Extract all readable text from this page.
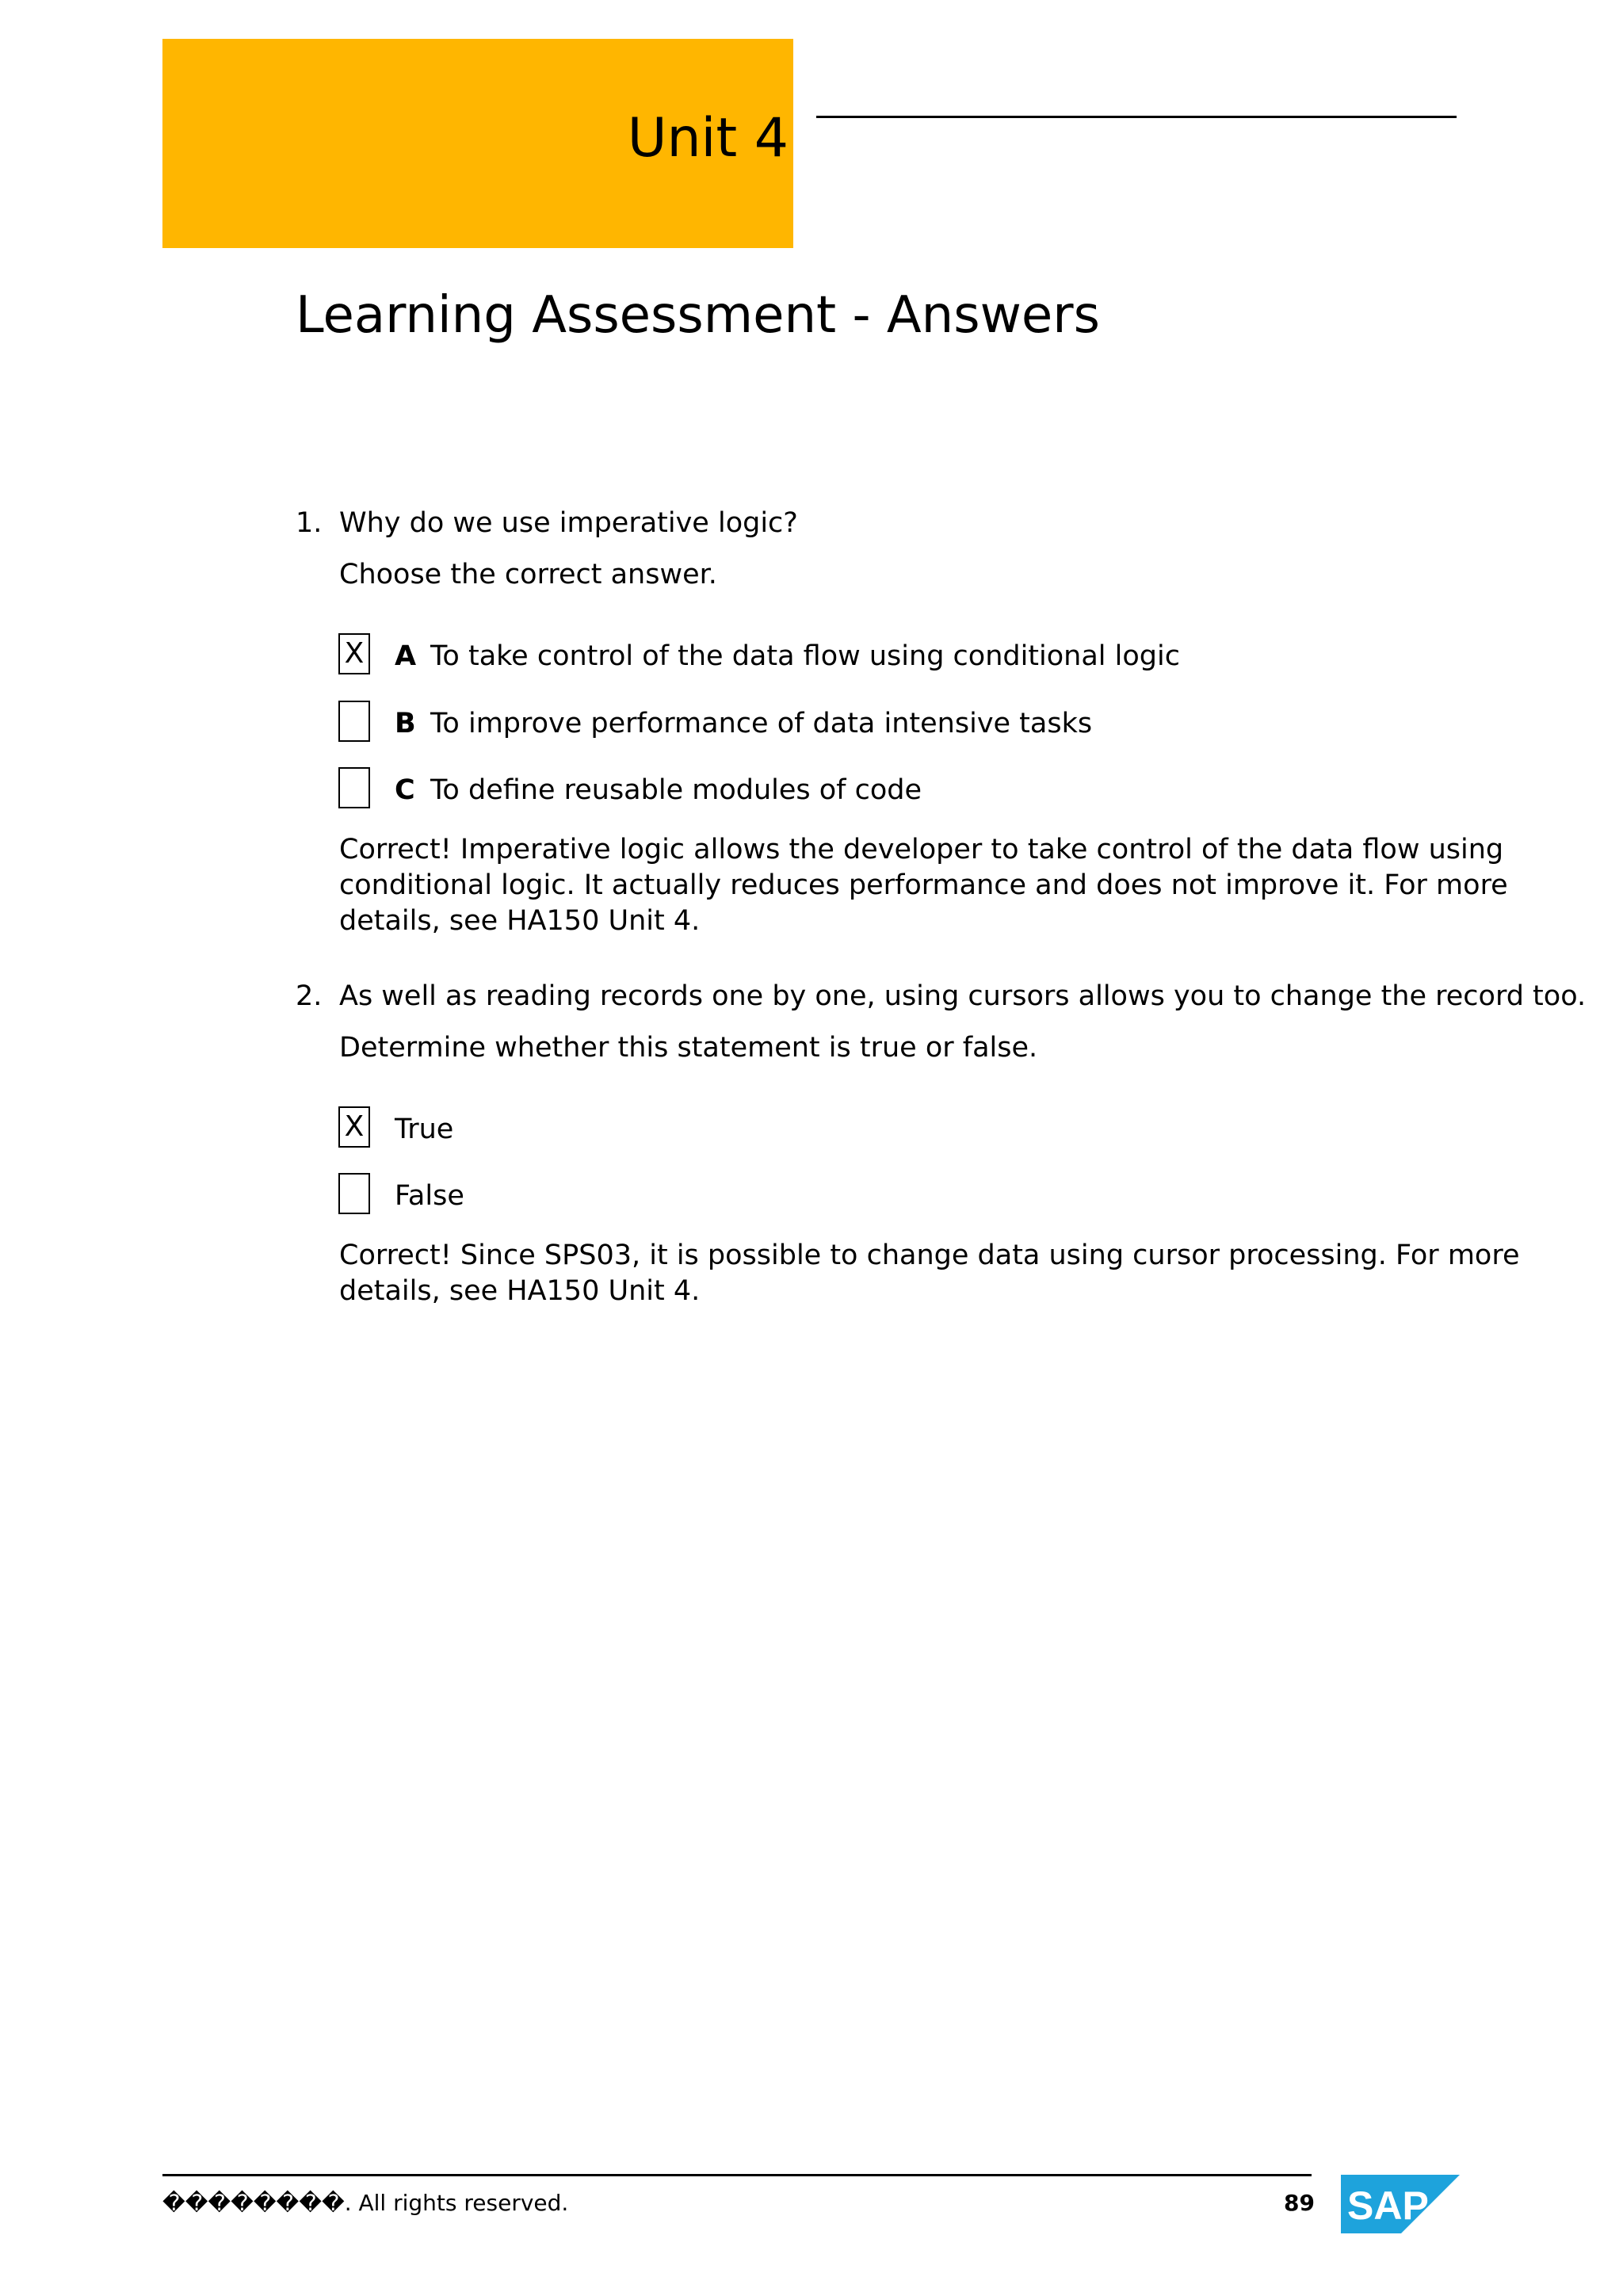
Unit 4
Learning Assessment - Answers
1. Why do we use imperative logic?
Choose the correct answer.
X A To take control of the data flow using conditional logic
B To improve performance of data intensive tasks
C To define reusable modules of code
Correct! Imperative logic allows the developer to take control of the data flow using
conditional logic. It actually reduces performance and does not improve it. For more
details, see HA150 Unit 4.
2. As well as reading records one by one, using cursors allows you to change the record too.
Determine whether this statement is true or false.
X True
False
Correct! Since SPS03, it is possible to change data using cursor processing. For more
details, see HA150 Unit 4.
��������. All rights reserved.	89 SAP
